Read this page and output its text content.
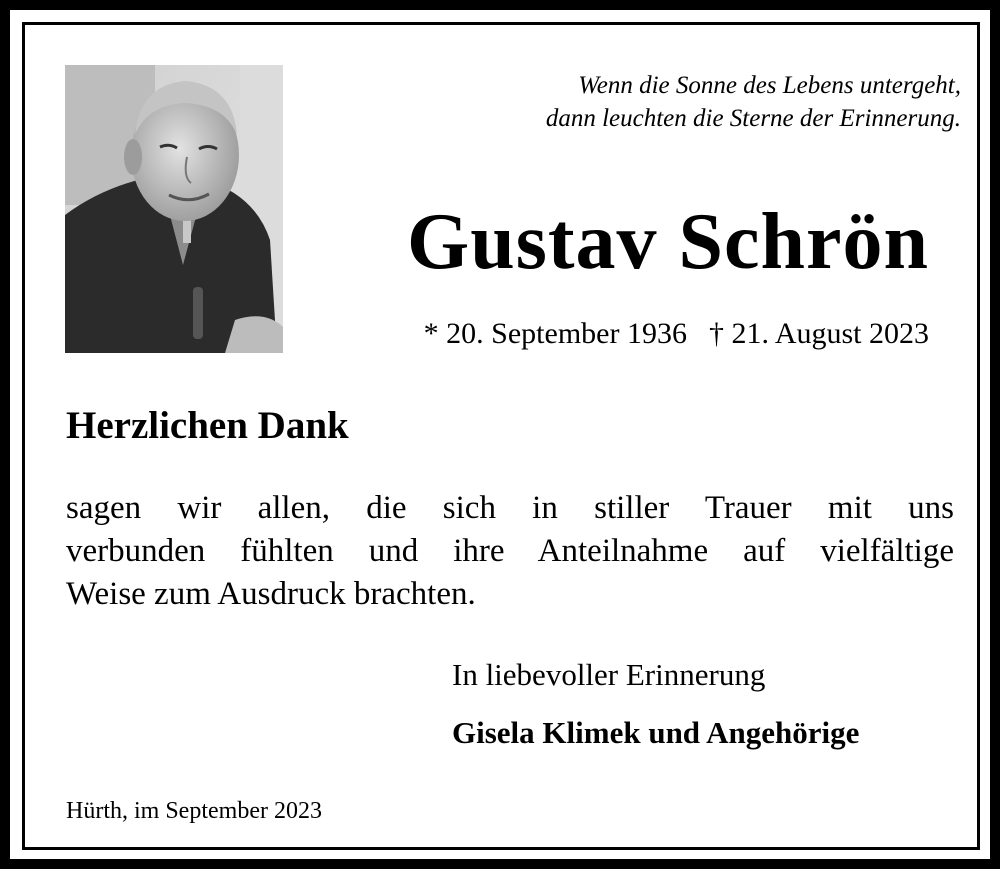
Wenn die Sonne des Lebens untergeht,
dann leuchten die Sterne der Erinnerung.
Gustav Schrön
* 20. September 1936 † 21. August 2023
Herzlichen Dank
sagen wir allen, die sich in stiller Trauer mit uns
verbunden fühlten und ihre Anteilnahme auf vielfältige
Weise zum Ausdruck brachten.
In liebevoller Erinnerung
Gisela Klimek und Angehörige
Hürth, im September 2023
